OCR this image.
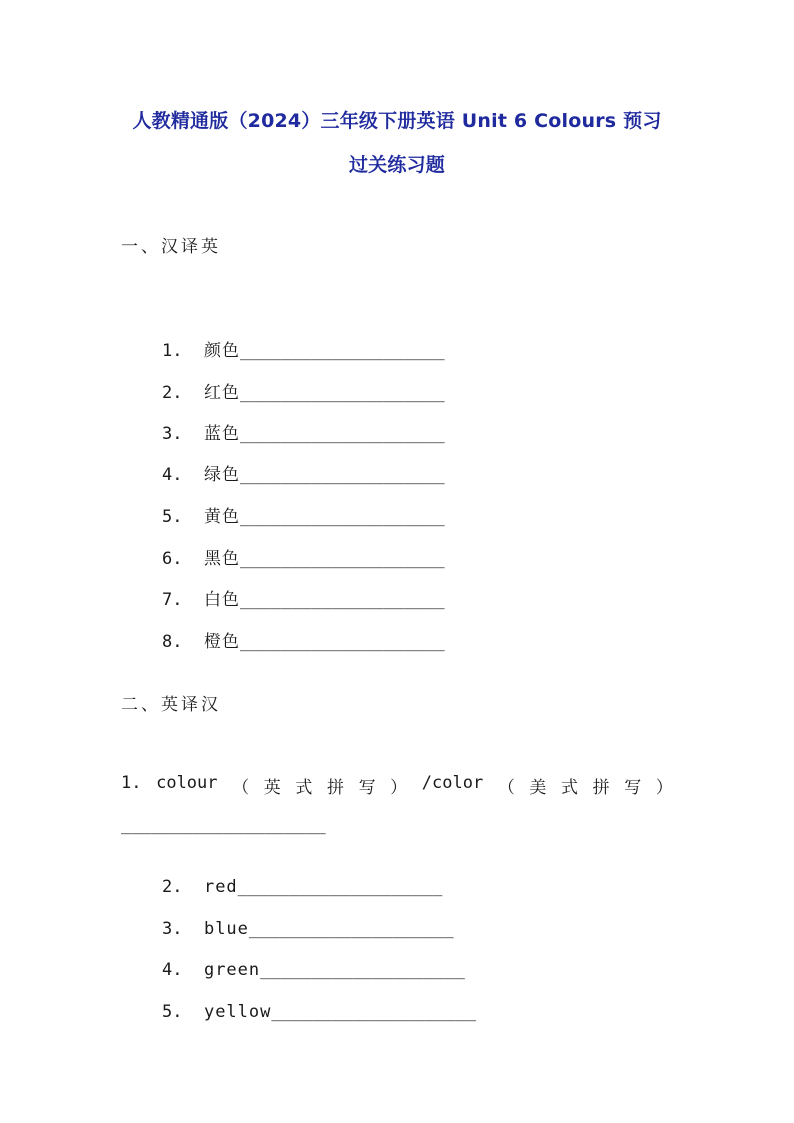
人教精通版（2024）三年级下册英语 Unit 6 Colours 预习
过关练习题
一、汉译英

1. 颜色____________________

2. 红色____________________

3. 蓝色____________________

4. 绿色____________________

5. 黄色____________________

6. 黑色____________________

7. 白色____________________

8. 橙色____________________

二、英译汉
1. colour （ 英 式 拼 写 ） /color （ 美 式 拼 写 ）
____________________

2. red____________________

3. blue____________________

4. green____________________

5. yellow____________________
